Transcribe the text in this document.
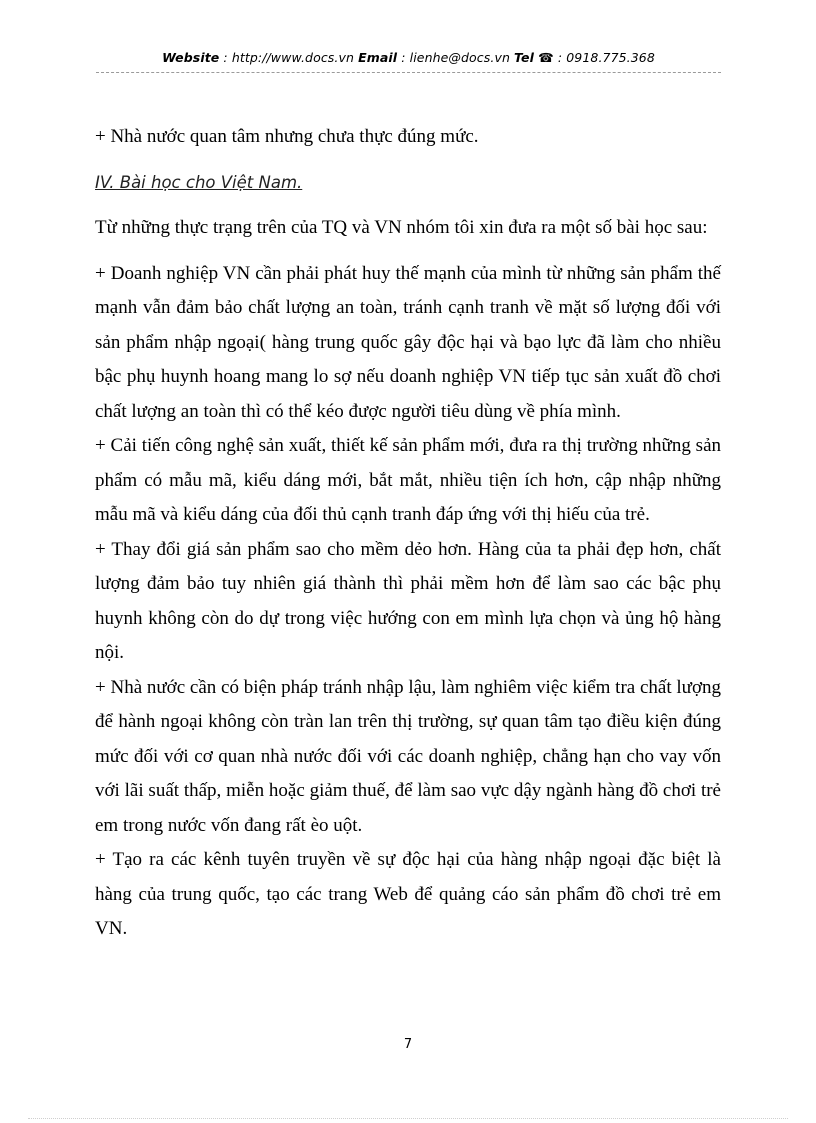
Website : http://www.docs.vn Email : lienhe@docs.vn Tel ☎ : 0918.775.368

+ Nhà nước quan tâm nhưng chưa thực đúng mức.

IV. Bài học cho Việt Nam.

Từ những thực trạng trên của TQ và VN nhóm tôi xin đưa ra một số bài học sau:

+ Doanh nghiệp VN cần phải phát huy thế mạnh của mình từ những sản phẩm thế mạnh vẫn đảm bảo chất lượng an toàn, tránh cạnh tranh về mặt số lượng đối với sản phẩm nhập ngoại( hàng trung quốc gây độc hại và bạo lực đã làm cho nhiều bậc phụ huynh hoang mang lo sợ nếu doanh nghiệp VN tiếp tục sản xuất đồ chơi chất lượng an toàn thì có thể kéo được người tiêu dùng về phía mình.

+ Cải tiến công nghệ sản xuất, thiết kế sản phẩm mới, đưa ra thị trường những sản phẩm có mẫu mã, kiểu dáng mới, bắt mắt, nhiều tiện ích hơn, cập nhập những mẫu mã và kiểu dáng của đối thủ cạnh tranh đáp ứng với thị hiếu của trẻ.

+ Thay đổi giá sản phẩm sao cho mềm dẻo hơn. Hàng của ta phải đẹp hơn, chất lượng đảm bảo tuy nhiên giá thành thì phải mềm hơn để làm sao các bậc phụ huynh không còn do dự trong việc hướng con em mình lựa chọn và ủng hộ hàng nội.

+ Nhà nước cần có biện pháp tránh nhập lậu, làm nghiêm việc kiểm tra chất lượng để hành ngoại không còn tràn lan trên thị trường, sự quan tâm tạo điều kiện đúng mức đối với cơ quan nhà nước đối với các doanh nghiệp, chẳng hạn cho vay vốn với lãi suất thấp, miễn hoặc giảm thuế, để làm sao vực dậy ngành hàng đồ chơi trẻ em trong nước vốn đang rất èo uột.

+ Tạo ra các kênh tuyên truyền về sự độc hại của hàng nhập ngoại đặc biệt là hàng của trung quốc, tạo các trang Web để quảng cáo sản phẩm đồ chơi trẻ em VN.

7
